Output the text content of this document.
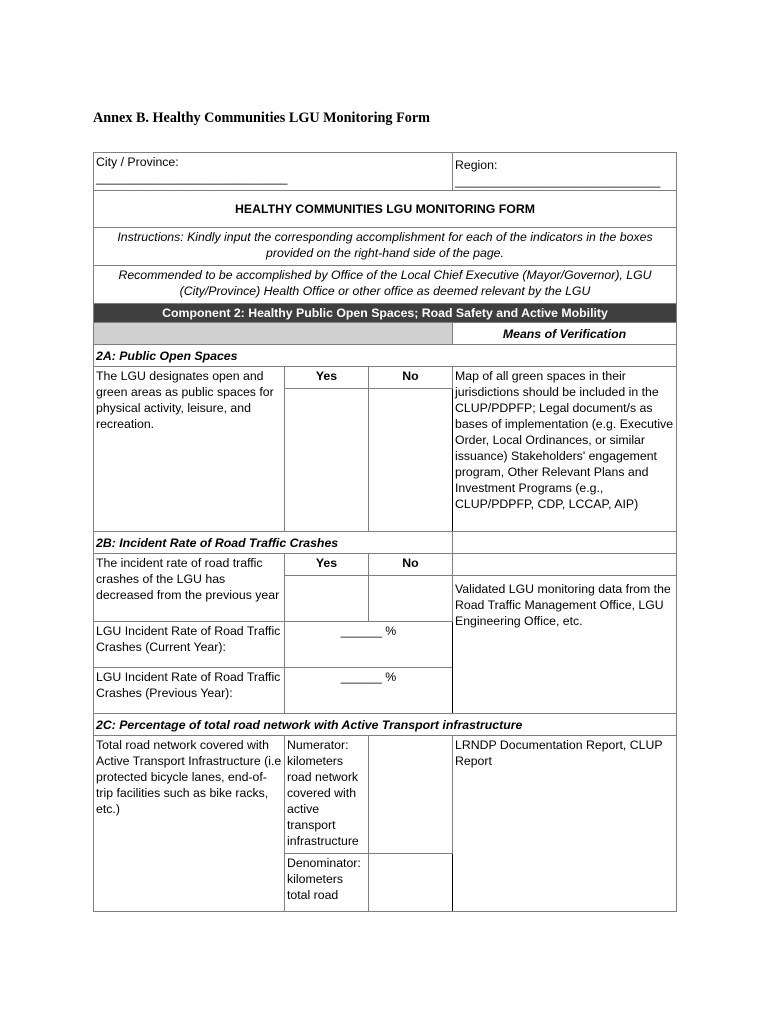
Annex B. Healthy Communities LGU Monitoring Form
City / Province:
____________________________			Region: ______________________________
HEALTHY COMMUNITIES LGU MONITORING FORM			
Instructions: Kindly input the corresponding accomplishment for each of the indicators in the boxes provided on the right-hand side of the page.			
Recommended to be accomplished by Office of the Local Chief Executive (Mayor/Governor), LGU (City/Province) Health Office or other office as deemed relevant by the LGU			
Component 2: Healthy Public Open Spaces; Road Safety and Active Mobility			
			Means of Verification
2A: Public Open Spaces			
The LGU designates open and green areas as public spaces for physical activity, leisure, and recreation.	Yes	No	Map of all green spaces in their jurisdictions should be included in the CLUP/PDPFP; Legal document/s as bases of implementation (e.g. Executive Order, Local Ordinances, or similar issuance) Stakeholders' engagement program, Other Relevant Plans and Investment Programs (e.g., CLUP/PDPFP, CDP, LCCAP, AIP)

2B: Incident Rate of Road Traffic Crashes			
The incident rate of road traffic crashes of the LGU has decreased from the previous year	Yes	No	
			Validated LGU monitoring data from the Road Traffic Management Office, LGU Engineering Office, etc.
LGU Incident Rate of Road Traffic Crashes (Current Year):	______ %		
LGU Incident Rate of Road Traffic Crashes (Previous Year):	______ %		
2C: Percentage of total road network with Active Transport infrastructure			
Total road network covered with Active Transport Infrastructure (i.e protected bicycle lanes, end-of-trip facilities such as bike racks, etc.)	Numerator: kilometers road network covered with active transport infrastructure		LRNDP Documentation Report, CLUP Report
	Denominator: kilometers total road		
